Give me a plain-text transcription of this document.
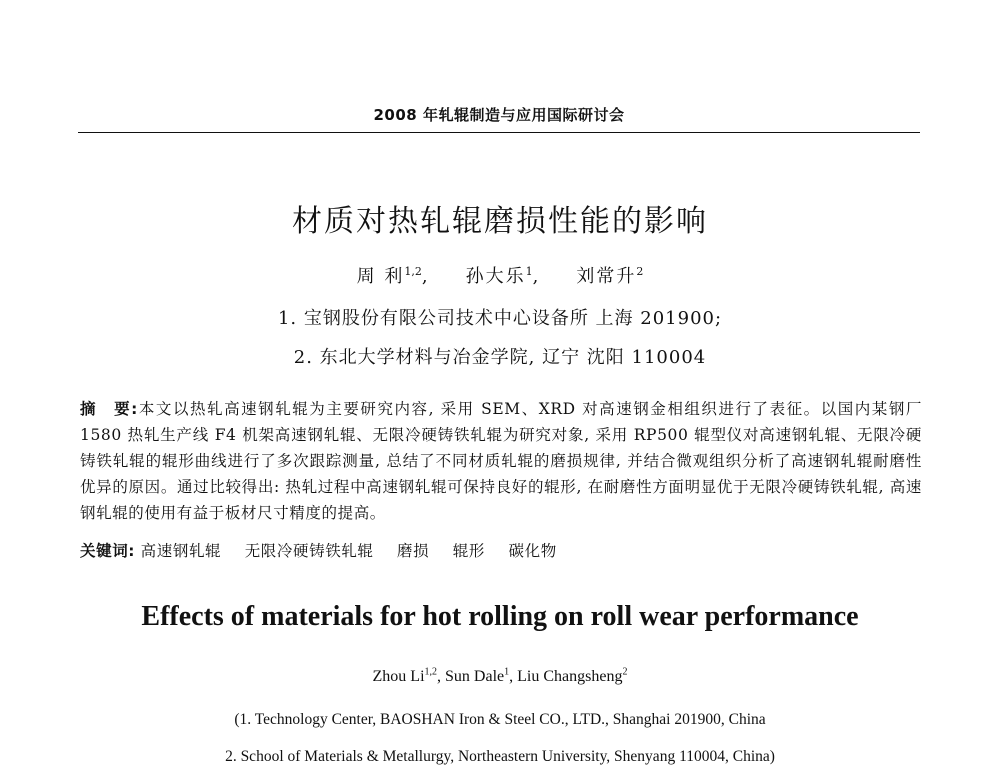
2008 年轧辊制造与应用国际研讨会
材质对热轧辊磨损性能的影响
周 利$^{1,2}$, 孙大乐$^1$, 刘常升$^2$
1. 宝钢股份有限公司技术中心设备所 上海 201900;
2. 东北大学材料与冶金学院, 辽宁 沈阳 110004
摘　要:本文以热轧高速钢轧辊为主要研究内容, 采用 SEM、XRD 对高速钢金相组织进行了表征。以国内某钢厂 1580 热轧生产线 F4 机架高速钢轧辊、无限冷硬铸铁轧辊为研究对象, 采用 RP500 辊型仪对高速钢轧辊、无限冷硬铸铁轧辊的辊形曲线进行了多次跟踪测量, 总结了不同材质轧辊的磨损规律, 并结合微观组织分析了高速钢轧辊耐磨性优异的原因。通过比较得出: 热轧过程中高速钢轧辊可保持良好的辊形, 在耐磨性方面明显优于无限冷硬铸铁轧辊, 高速钢轧辊的使用有益于板材尺寸精度的提高。
关键词: 高速钢轧辊 无限冷硬铸铁轧辊 磨损 辊形 碳化物
Effects of materials for hot rolling on roll wear performance
Zhou Li$^{1,2}$, Sun Dale$^1$, Liu Changsheng$^2$
(1. Technology Center, BAOSHAN Iron & Steel CO., LTD., Shanghai 201900, China
2. School of Materials & Metallurgy, Northeastern University, Shenyang 110004, China)
